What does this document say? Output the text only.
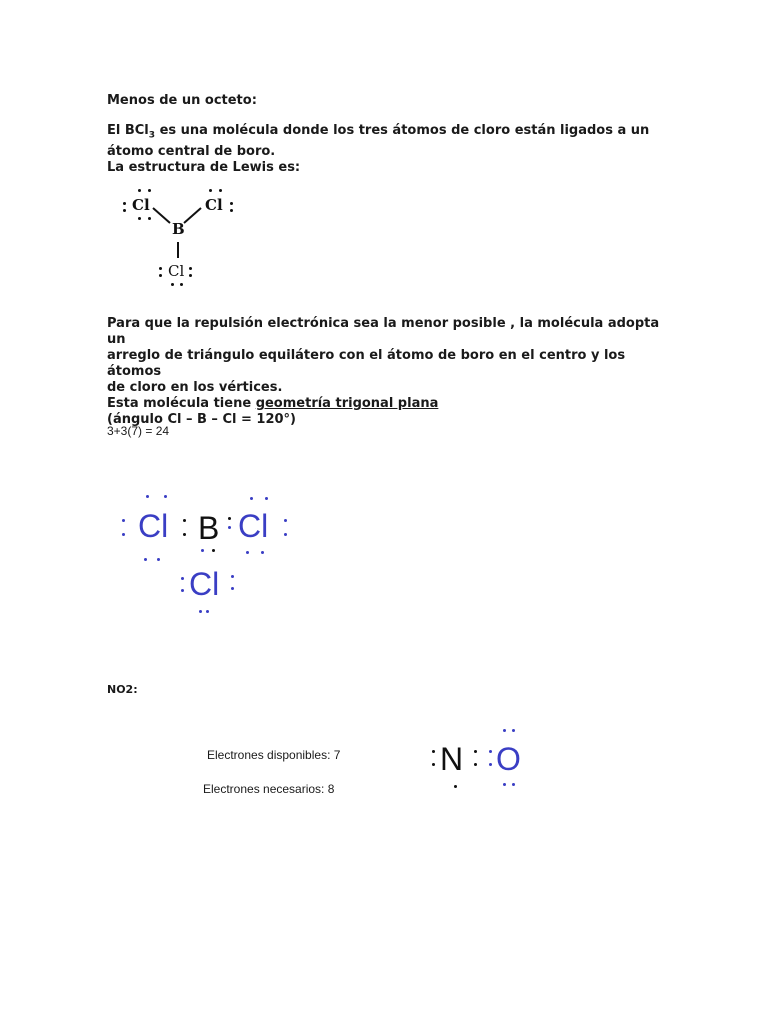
Menos de un octeto:
El BCl$_3$ es una molécula donde los tres átomos de cloro están ligados a un
átomo central de boro.
La estructura de Lewis es:
Cl	Cl
B
Cl
Para que la repulsión electrónica sea la menor posible , la molécula adopta un
arreglo de triángulo equilátero con el átomo de boro en el centro y los átomos
de cloro en los vértices.
Esta molécula tiene geometría trigonal plana
(ángulo Cl – B – Cl = 120°)
3+3(7) = 24
Cl B Cl
Cl
NO2:
Electrones disponibles: 7
Electrones necesarios: 8
N O
